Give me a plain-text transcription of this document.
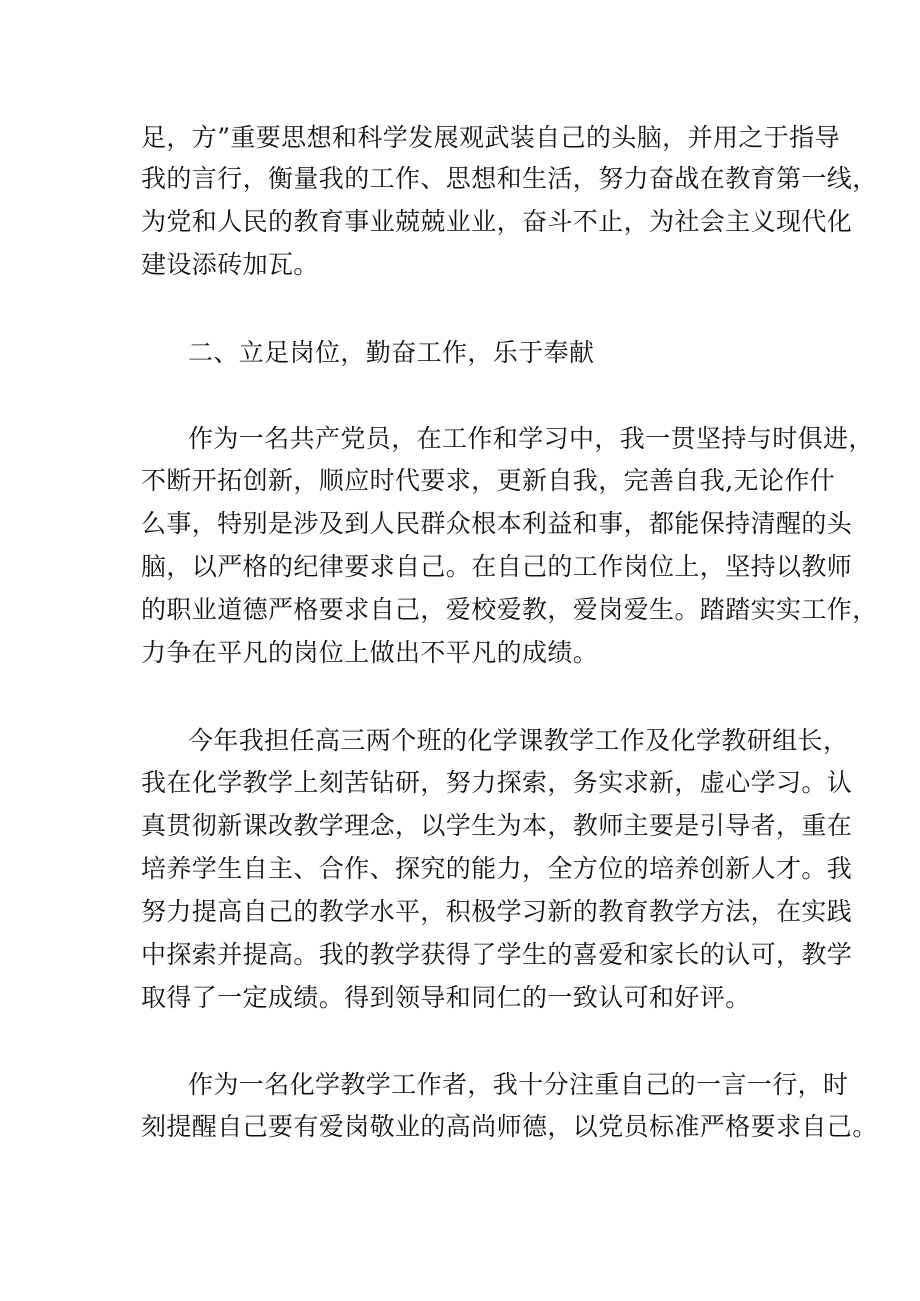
足，方”重要思想和科学发展观武装自己的头脑，并用之于指导

我的言行，衡量我的工作、思想和生活，努力奋战在教育第一线，

为党和人民的教育事业兢兢业业，奋斗不止，为社会主义现代化

建设添砖加瓦。

二、立足岗位，勤奋工作，乐于奉献

作为一名共产党员，在工作和学习中，我一贯坚持与时俱进，

不断开拓创新，顺应时代要求，更新自我，完善自我,无论作什

么事，特别是涉及到人民群众根本利益和事，都能保持清醒的头

脑，以严格的纪律要求自己。在自己的工作岗位上，坚持以教师

的职业道德严格要求自己，爱校爱教，爱岗爱生。踏踏实实工作，

力争在平凡的岗位上做出不平凡的成绩。

今年我担任高三两个班的化学课教学工作及化学教研组长，

我在化学教学上刻苦钻研，努力探索，务实求新，虚心学习。认

真贯彻新课改教学理念，以学生为本，教师主要是引导者，重在

培养学生自主、合作、探究的能力，全方位的培养创新人才。我

努力提高自己的教学水平，积极学习新的教育教学方法，在实践

中探索并提高。我的教学获得了学生的喜爱和家长的认可，教学

取得了一定成绩。得到领导和同仁的一致认可和好评。

作为一名化学教学工作者，我十分注重自己的一言一行，时

刻提醒自己要有爱岗敬业的高尚师德，以党员标准严格要求自己。
